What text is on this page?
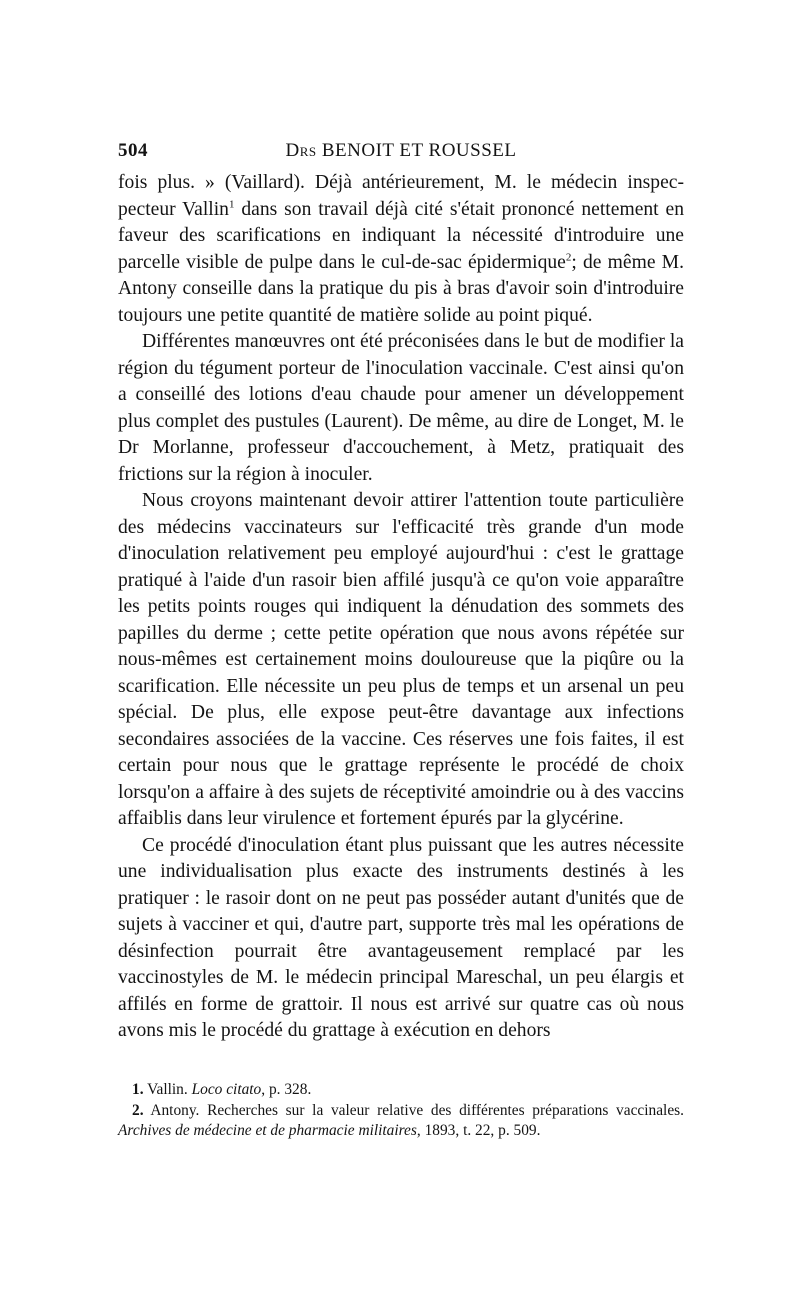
504	Drs BENOIT ET ROUSSEL

fois plus. » (Vaillard). Déjà antérieurement, M. le médecin inspec-pecteur Vallin$^1$ dans son travail déjà cité s'était prononcé nettement en faveur des scarifications en indiquant la nécessité d'introduire une parcelle visible de pulpe dans le cul-de-sac épidermique$^2$; de même M. Antony conseille dans la pratique du pis à bras d'avoir soin d'introduire toujours une petite quantité de matière solide au point piqué.

Différentes manœuvres ont été préconisées dans le but de modifier la région du tégument porteur de l'inoculation vaccinale. C'est ainsi qu'on a conseillé des lotions d'eau chaude pour amener un développement plus complet des pustules (Laurent). De même, au dire de Longet, M. le Dr Morlanne, professeur d'accouchement, à Metz, pratiquait des frictions sur la région à inoculer.

Nous croyons maintenant devoir attirer l'attention toute particulière des médecins vaccinateurs sur l'efficacité très grande d'un mode d'inoculation relativement peu employé aujourd'hui : c'est le grattage pratiqué à l'aide d'un rasoir bien affilé jusqu'à ce qu'on voie apparaître les petits points rouges qui indiquent la dénudation des sommets des papilles du derme ; cette petite opération que nous avons répétée sur nous-mêmes est certainement moins douloureuse que la piqûre ou la scarification. Elle nécessite un peu plus de temps et un arsenal un peu spécial. De plus, elle expose peut-être davantage aux infections secondaires associées de la vaccine. Ces réserves une fois faites, il est certain pour nous que le grattage représente le procédé de choix lorsqu'on a affaire à des sujets de réceptivité amoindrie ou à des vaccins affaiblis dans leur virulence et fortement épurés par la glycérine.

Ce procédé d'inoculation étant plus puissant que les autres nécessite une individualisation plus exacte des instruments destinés à les pratiquer : le rasoir dont on ne peut pas posséder autant d'unités que de sujets à vacciner et qui, d'autre part, supporte très mal les opérations de désinfection pourrait être avantageusement remplacé par les vaccinostyles de M. le médecin principal Mareschal, un peu élargis et affilés en forme de grattoir. Il nous est arrivé sur quatre cas où nous avons mis le procédé du grattage à exécution en dehors

1. Vallin. Loco citato, p. 328.

2. Antony. Recherches sur la valeur relative des différentes préparations vaccinales. Archives de médecine et de pharmacie militaires, 1893, t. 22, p. 509.
